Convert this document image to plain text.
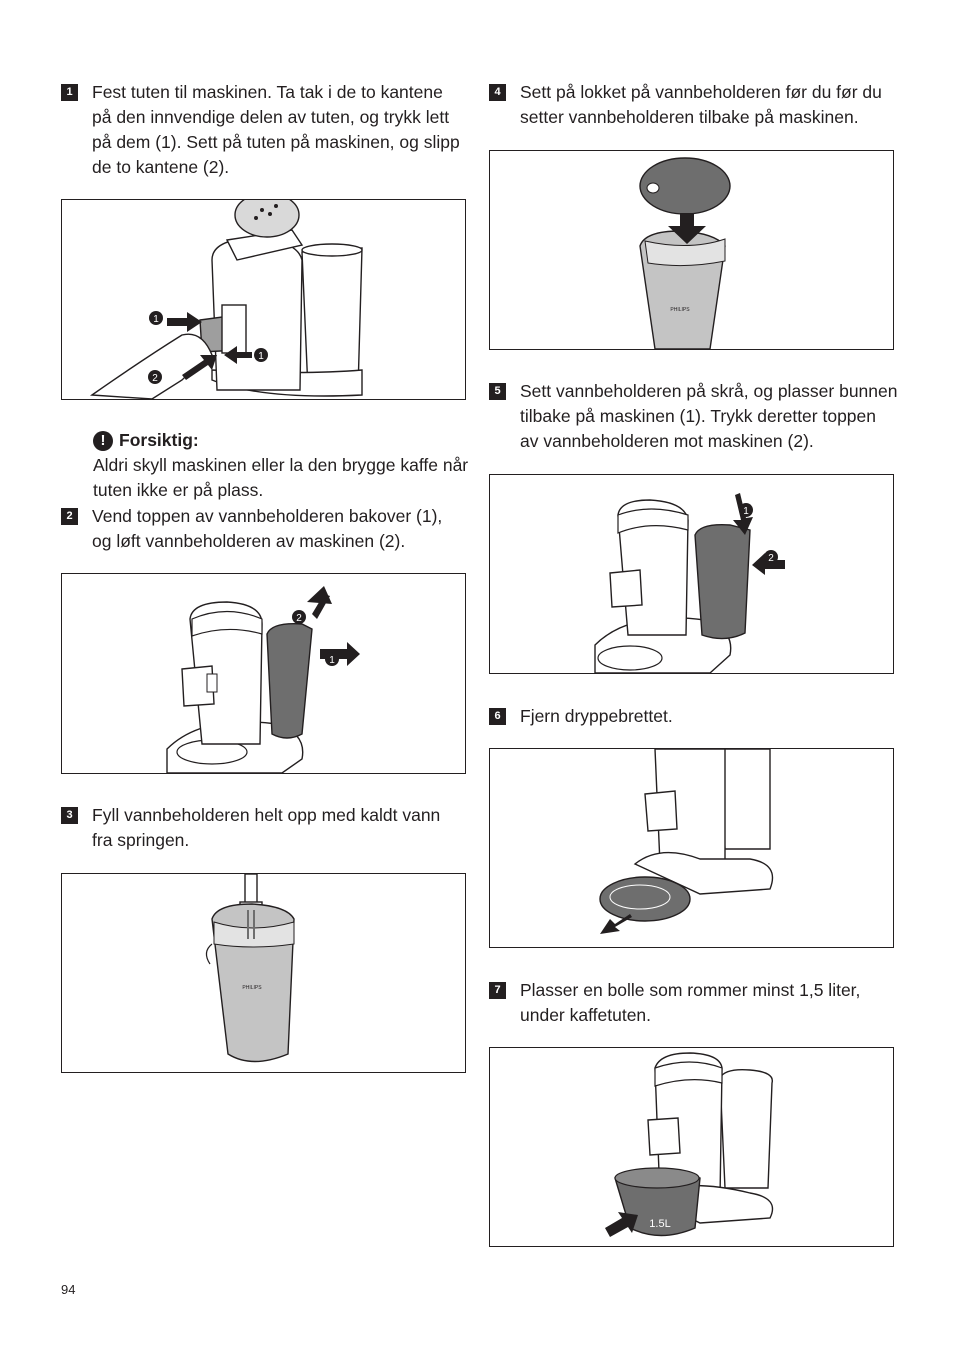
1	Fest tuten til maskinen. Ta tak i de to kantene på den innvendige delen av tuten, og trykk lett på dem (1). Sett på tuten på maskinen, og slipp de to kantene (2).
1
2
1
! Forsiktig:
Aldri skyll maskinen eller la den brygge kaffe når tuten ikke er på plass.
2	Vend toppen av vannbeholderen bakover (1), og løft vannbeholderen av maskinen (2).
2
1
3	Fyll vannbeholderen helt opp med kaldt vann fra springen.
PHILIPS
4	Sett på lokket på vannbeholderen før du før du setter vannbeholderen tilbake på maskinen.
PHILIPS
5	Sett vannbeholderen på skrå, og plasser bunnen tilbake på maskinen (1). Trykk deretter toppen av vannbeholderen mot maskinen (2).
1
2
6	Fjern dryppebrettet.
7	Plasser en bolle som rommer minst 1,5 liter, under kaffetuten.
1.5L
94
